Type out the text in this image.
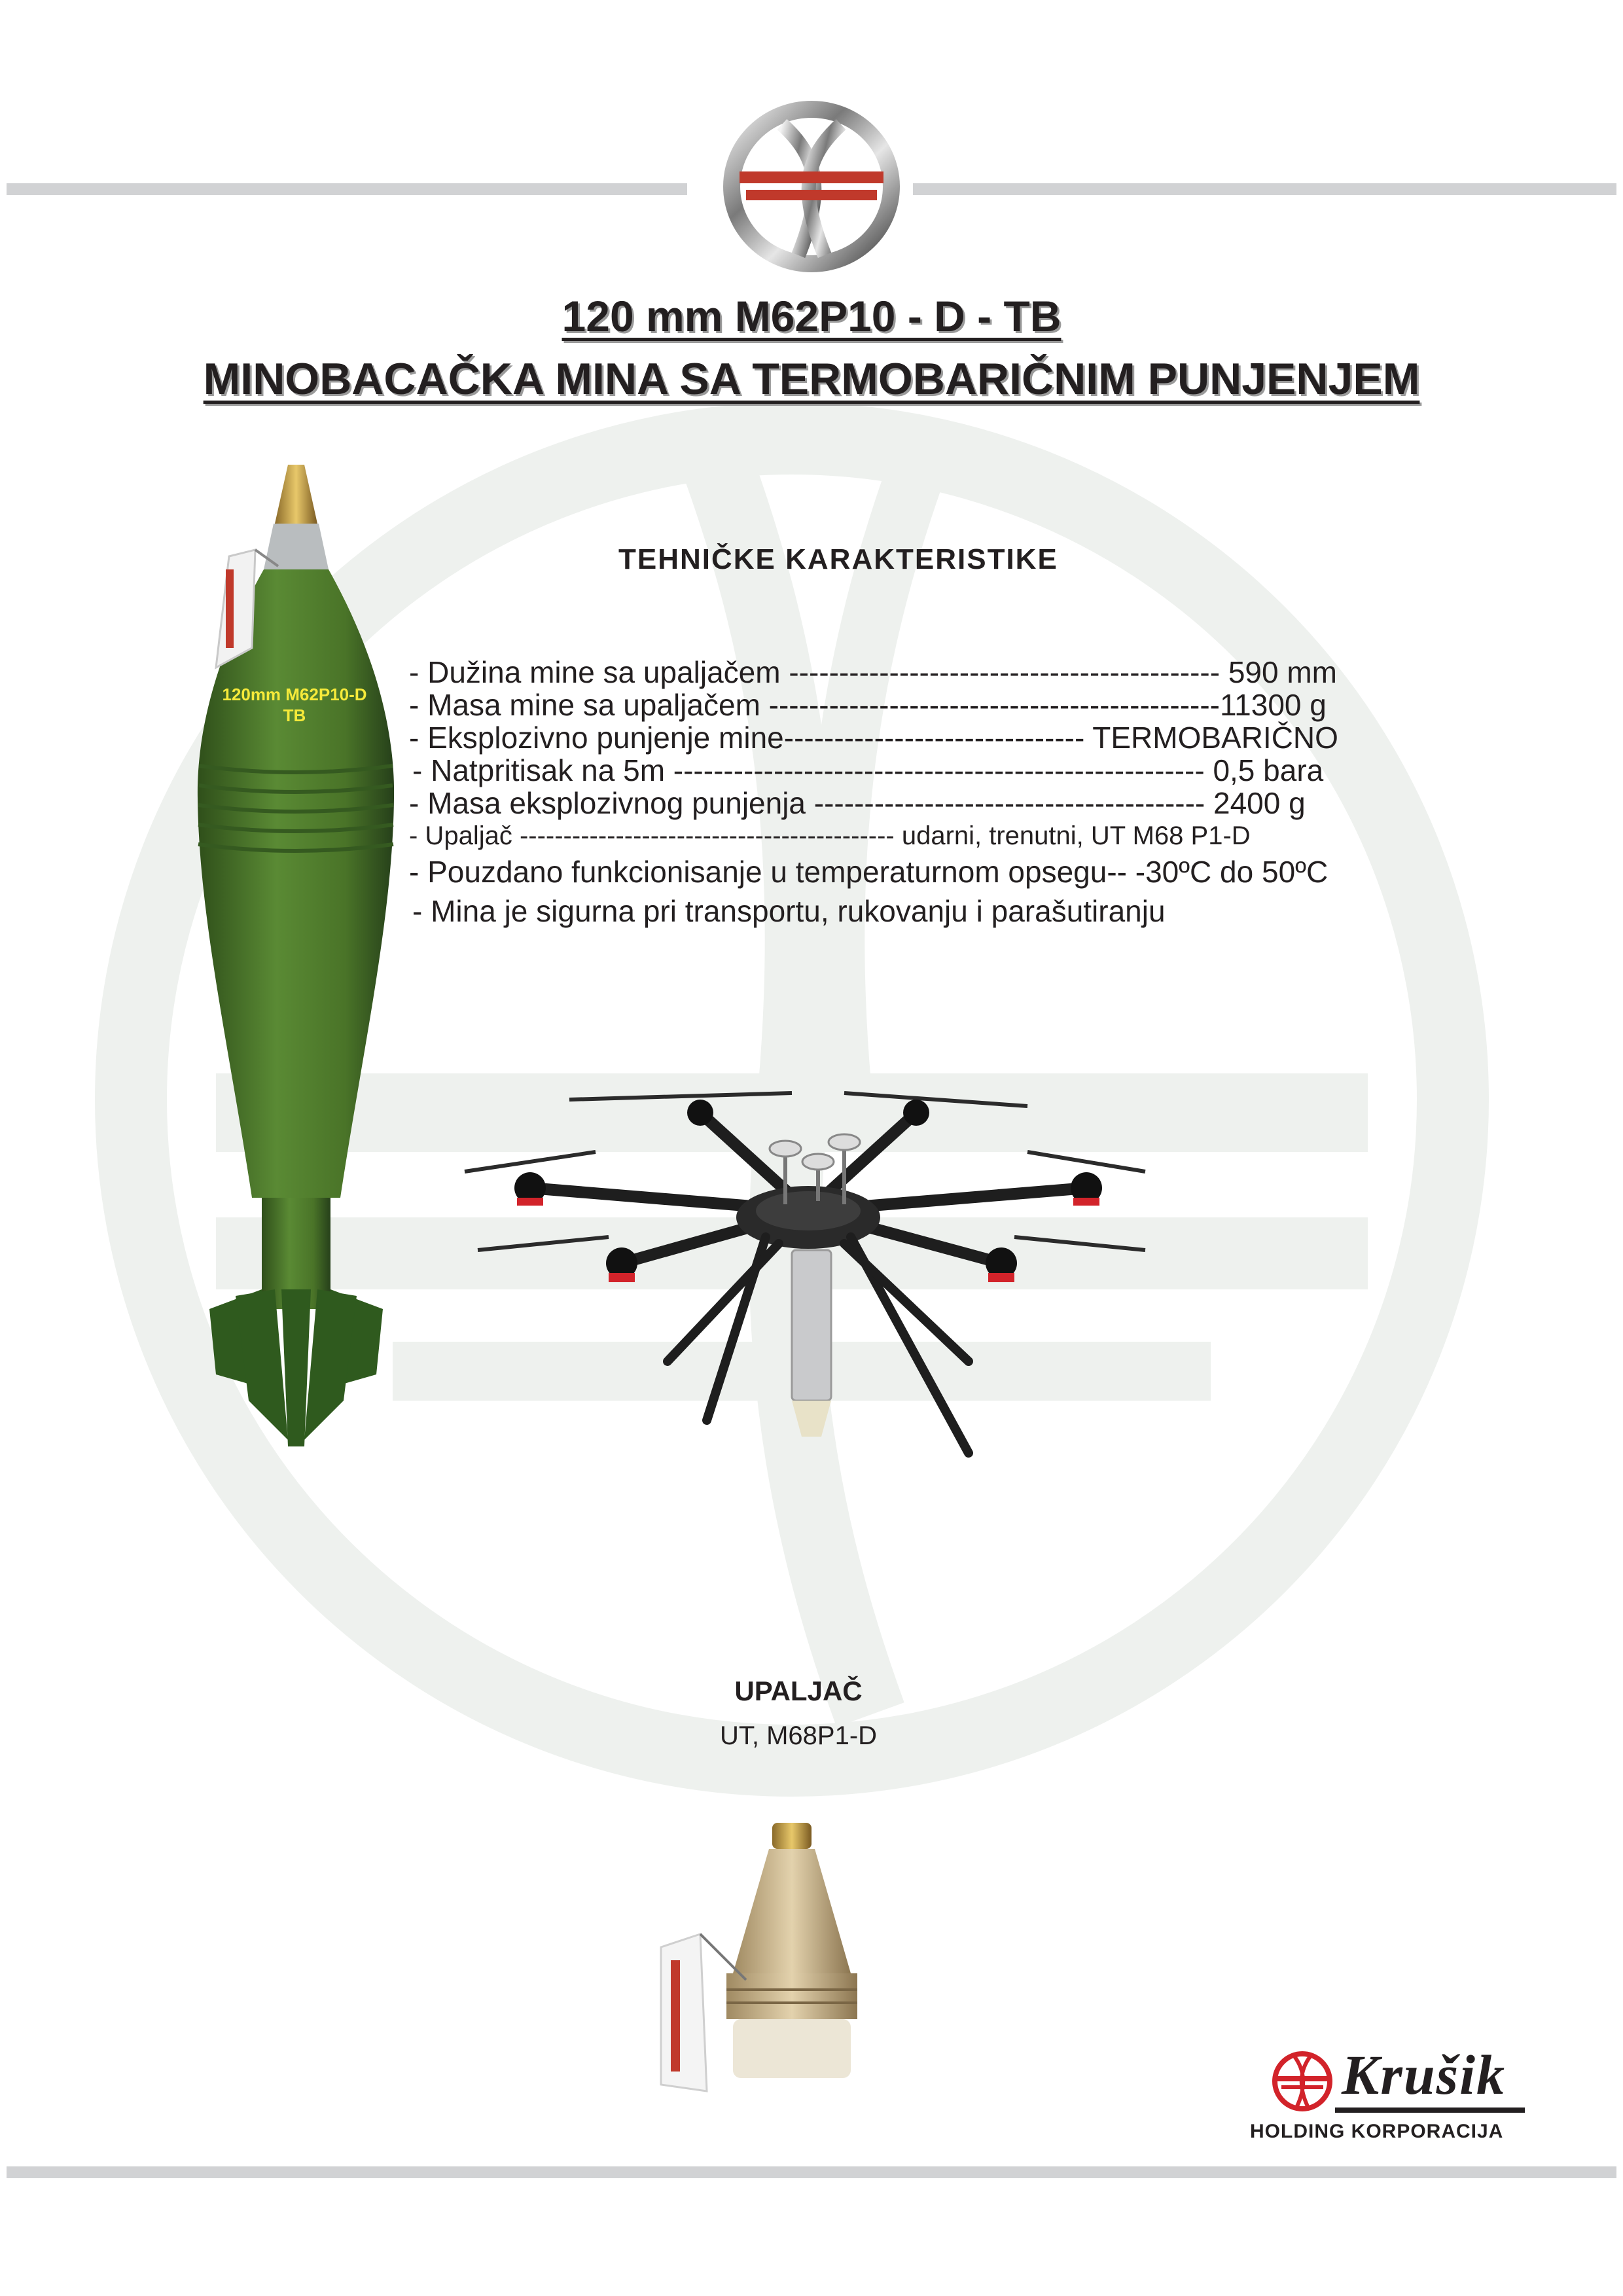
120 mm M62P10 - D - TB
MINOBACAČKA MINA SA TERMOBARIČNIM PUNJENJEM
120mm M62P10-D
TB
TEHNIČKE KARAKTERISTIKE
- Dužina mine sa upaljačem ------------------------------------------- 590 mm
- Masa mine sa upaljačem ---------------------------------------------11300 g
- Eksplozivno punjenje mine------------------------------ TERMOBARIČNO
- Natpritisak na 5m ----------------------------------------------------- 0,5 bara
- Masa eksplozivnog punjenja --------------------------------------- 2400 g
- Upaljač ------------------------------------------- udarni, trenutni, UT M68 P1-D
- Pouzdano funkcionisanje u temperaturnom opsegu-- -30ºC do 50ºC
- Mina je sigurna pri transportu, rukovanju i parašutiranju
UPALJAČ
UT, M68P1-D
Krušik
HOLDING KORPORACIJA
